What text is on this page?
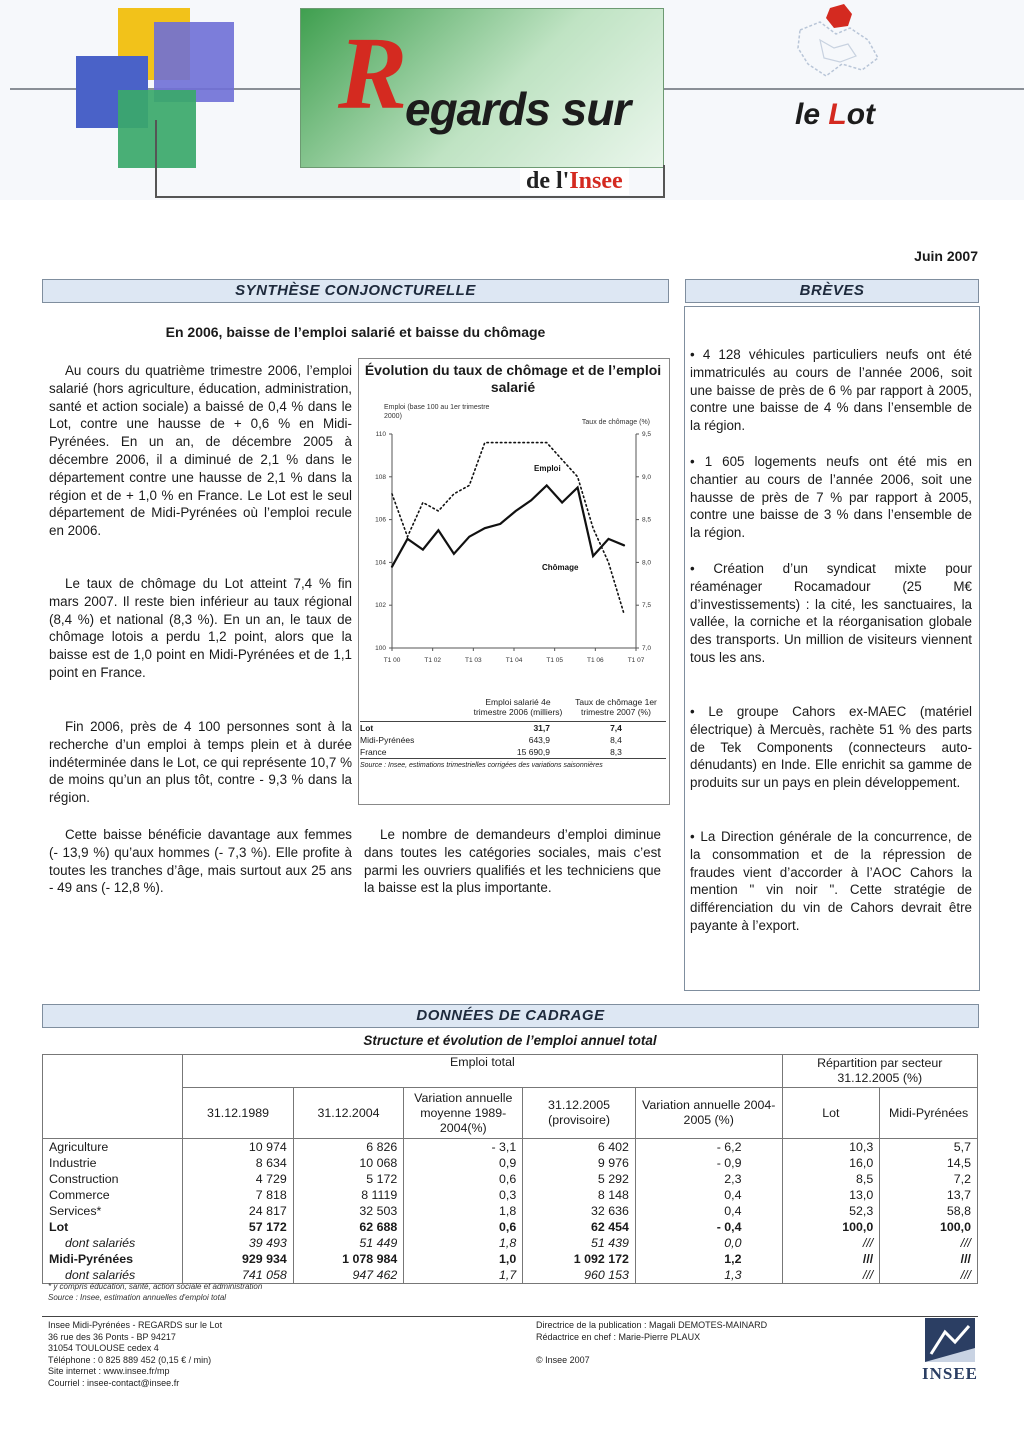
R
egards sur
de l'Insee
le Lot
Juin 2007
SYNTHÈSE CONJONCTURELLE
En 2006, baisse de l’emploi salarié et baisse du chômage
Au cours du quatrième trimestre 2006, l’emploi salarié (hors agriculture, éducation, administration, santé et action sociale) a baissé de 0,4 % dans le Lot, contre une hausse de + 0,6 % en Midi-Pyrénées. En un an, de décembre 2005 à décembre 2006, il a diminué de 2,1 % dans le département contre une hausse de 2,1 % dans la région et de + 1,0 % en France. Le Lot est le seul département de Midi-Pyrénées où l’emploi recule en 2006.
Le taux de chômage du Lot atteint 7,4 % fin mars 2007. Il reste bien inférieur au taux régional (8,4 %) et national (8,3 %). En un an, le taux de chômage lotois a perdu 1,2 point, alors que la baisse est de 1,0 point en Midi-Pyrénées et de 1,1 point en France.
Fin 2006, près de 4 100 personnes sont à la recherche d’un emploi à temps plein et à durée indéterminée dans le Lot, ce qui représente 10,7 % de moins qu’un an plus tôt, contre - 9,3 % dans la région.
Cette baisse bénéficie davantage aux femmes (- 13,9 %) qu’aux hommes (- 7,3 %). Elle profite à toutes les tranches d’âge, mais surtout aux 25 ans - 49 ans (- 12,8 %).
Le nombre de demandeurs d’emploi diminue dans toutes les catégories sociales, mais c’est parmi les ouvriers qualifiés et les techniciens que la baisse est la plus importante.
Évolution du taux de chômage et de l’emploi salarié
Emploi (base 100 au 1er trimestre 2000)
Taux de chômage (%)
100
102
104
106
108
110
7,0
7,5
8,0
8,5
9,0
9,5
T1 00	T1 02	T1 03	T1 04	T1 05	T1 06	T1 07
Emploi
Chômage
Emploi salarié 4e trimestre 2006 (milliers)
Taux de chômage 1er trimestre 2007 (%)
Lot	31,7	7,4
Midi-Pyrénées	643,9	8,4
France	15 690,9	8,3
Source : Insee, estimations trimestrielles corrigées des variations saisonnières
BRÈVES
• 4 128 véhicules particuliers neufs ont été immatriculés au cours de l’année 2006, soit une baisse de près de 6 % par rapport à 2005, contre une baisse de 4 % dans l’ensemble de la région.
• 1 605 logements neufs ont été mis en chantier au cours de l’année 2006, soit une hausse de près de 7 % par rapport à 2005, contre une baisse de 3 % dans l’ensemble de la région.
• Création d’un syndicat mixte pour réaménager Rocamadour (25 M€ d’investissements) : la cité, les sanctuaires, la vallée, la corniche et la réorganisation globale des transports. Un million de visiteurs viennent tous les ans.
• Le groupe Cahors ex-MAEC (matériel électrique) à Mercuès, rachète 51 % des parts de Tek Components (connecteurs auto-dénudants) en Inde. Elle enrichit sa gamme de produits sur un pays en plein développement.
• La Direction générale de la concurrence, de la consommation et de la répression de fraudes vient d’accorder à l’AOC Cahors la mention " vin noir ". Cette stratégie de différenciation du vin de Cahors devrait être payante à l’export.
DONNÉES DE CADRAGE
Structure et évolution de l’emploi annuel total
	Emploi total					Répartition par secteur 31.12.2005 (%)	
	31.12.1989	31.12.2004	Variation annuelle moyenne 1989-2004(%)	31.12.2005 (provisoire)	Variation annuelle 2004-2005 (%)	Lot	Midi-Pyrénées
Agriculture	10 974	6 826	- 3,1	6 402	- 6,2	10,3	5,7
Industrie	8 634	10 068	0,9	9 976	- 0,9	16,0	14,5
Construction	4 729	5 172	0,6	5 292	2,3	8,5	7,2
Commerce	7 818	8 1119	0,3	8 148	0,4	13,0	13,7
Services*	24 817	32 503	1,8	32 636	0,4	52,3	58,8
Lot	57 172	62 688	0,6	62 454	- 0,4	100,0	100,0
dont salariés	39 493	51 449	1,8	51 439	0,0	///	///
Midi-Pyrénées	929 934	1 078 984	1,0	1 092 172	1,2	///	///
dont salariés	741 058	947 462	1,7	960 153	1,3	///	///
* y compris éducation, santé, action sociale et administration
Source : Insee, estimation annuelles d'emploi total
Insee Midi-Pyrénées - REGARDS sur le Lot
36 rue des 36 Ponts - BP 94217
31054 TOULOUSE cedex 4
Téléphone : 0 825 889 452 (0,15 € / min)
Site internet : www.insee.fr/mp
Courriel : insee-contact@insee.fr
Directrice de la publication : Magali DEMOTES-MAINARD
Rédactrice en chef : Marie-Pierre PLAUX
© Insee 2007
INSEE
